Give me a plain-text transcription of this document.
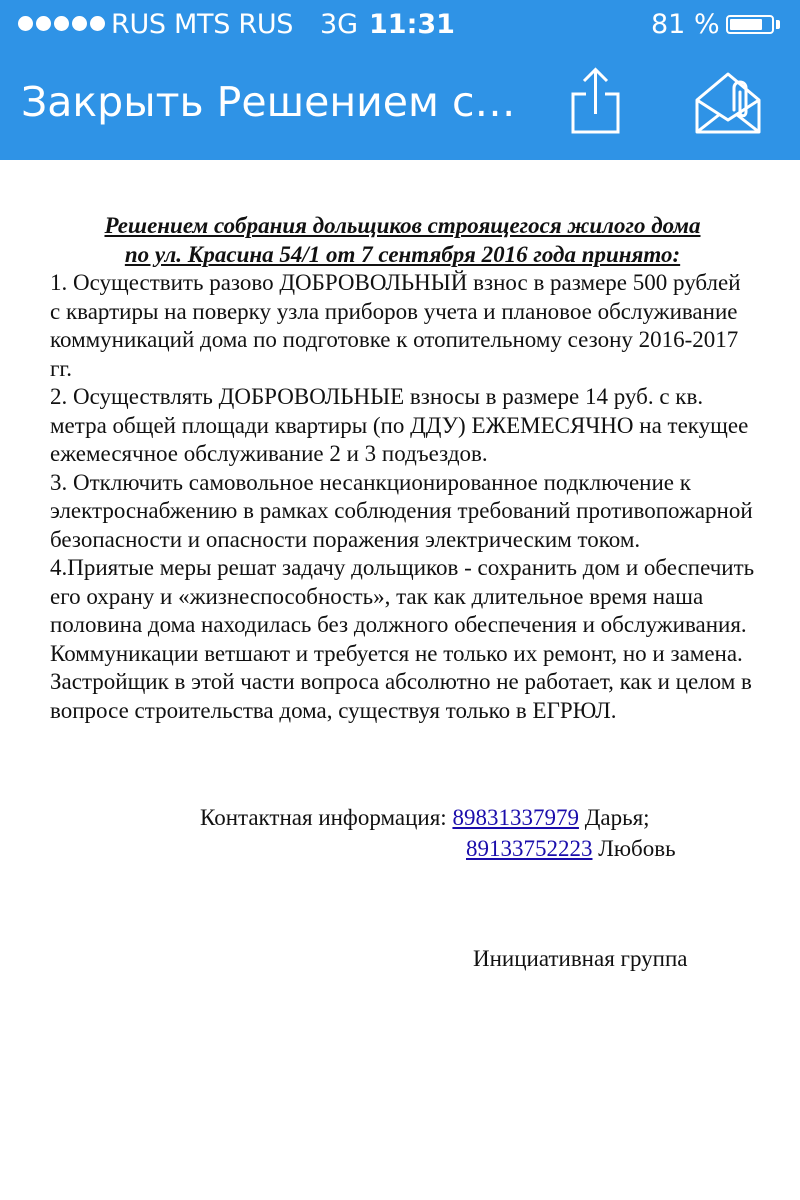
RUS MTS RUS 3G 11:31	81 %
Закрыть Решением с…

Решением собрания дольщиков строящегося жилого дома
по ул. Красина 54/1 от 7 сентября 2016 года принято:

1. Осуществить разово ДОБРОВОЛЬНЫЙ взнос в размере 500 рублей с квартиры на поверку узла приборов учета и плановое обслуживание коммуникаций дома по подготовке к отопительному сезону 2016-2017 гг.

2. Осуществлять ДОБРОВОЛЬНЫЕ взносы в размере 14 руб. с кв. метра общей площади квартиры (по ДДУ) ЕЖЕМЕСЯЧНО на текущее ежемесячное обслуживание 2 и 3 подъездов.

3. Отключить самовольное несанкционированное подключение к электроснабжению в рамках соблюдения требований противопожарной безопасности и опасности поражения электрическим током.

4.Приятые меры решат задачу дольщиков - сохранить дом и обеспечить его охрану и «жизнеспособность», так как длительное время наша половина дома находилась без должного обеспечения и обслуживания. Коммуникации ветшают и требуется не только их ремонт, но и замена. Застройщик в этой части вопроса абсолютно не работает, как и целом в вопросе строительства дома, существуя только в ЕГРЮЛ.

Контактная информация: 89831337979 Дарья;
89133752223 Любовь
Инициативная группа
